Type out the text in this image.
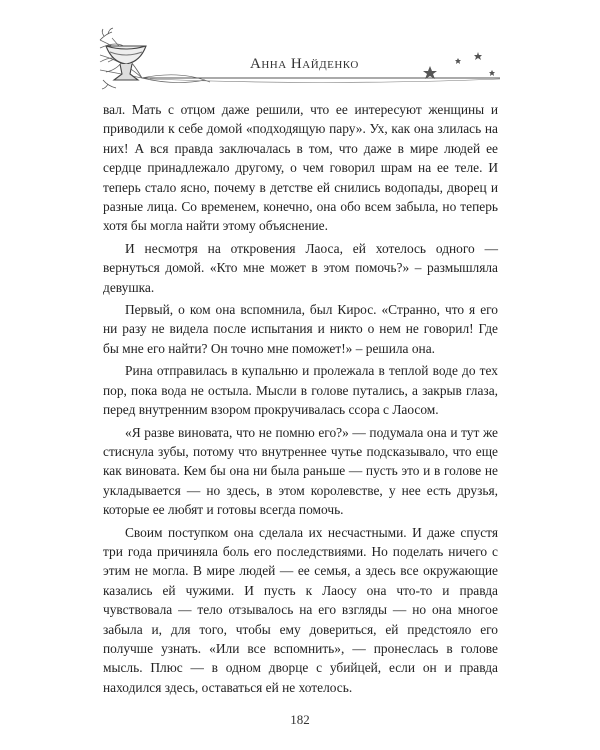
Анна Найденко

вал. Мать с отцом даже решили, что ее интересуют женщины и приводили к себе домой «подходящую пару». Ух, как она злилась на них! А вся правда заключалась в том, что даже в мире людей ее сердце принадлежало другому, о чем говорил шрам на ее теле. И теперь стало ясно, почему в детстве ей снились водопады, дворец и разные лица. Со временем, конечно, она обо всем забыла, но теперь хотя бы могла найти этому объяснение.

И несмотря на откровения Лаоса, ей хотелось одного — вернуться домой. «Кто мне может в этом помочь?» – размышляла девушка.

Первый, о ком она вспомнила, был Кирос. «Странно, что я его ни разу не видела после испытания и никто о нем не говорил! Где бы мне его найти? Он точно мне поможет!» – решила она.

Рина отправилась в купальню и пролежала в теплой воде до тех пор, пока вода не остыла. Мысли в голове путались, а закрыв глаза, перед внутренним взором прокручивалась ссора с Лаосом.

«Я разве виновата, что не помню его?» — подумала она и тут же стиснула зубы, потому что внутреннее чутье подсказывало, что еще как виновата. Кем бы она ни была раньше — пусть это и в голове не укладывается — но здесь, в этом королевстве, у нее есть друзья, которые ее любят и готовы всегда помочь.

Своим поступком она сделала их несчастными. И даже спустя три года причиняла боль его последствиями. Но поделать ничего с этим не могла. В мире людей — ее семья, а здесь все окружающие казались ей чужими. И пусть к Лаосу она что-то и правда чувствовала — тело отзывалось на его взгляды — но она многое забыла и, для того, чтобы ему довериться, ей предстояло его получше узнать. «Или все вспомнить», — пронеслась в голове мысль. Плюс — в одном дворце с убийцей, если он и правда находился здесь, оставаться ей не хотелось.

182
